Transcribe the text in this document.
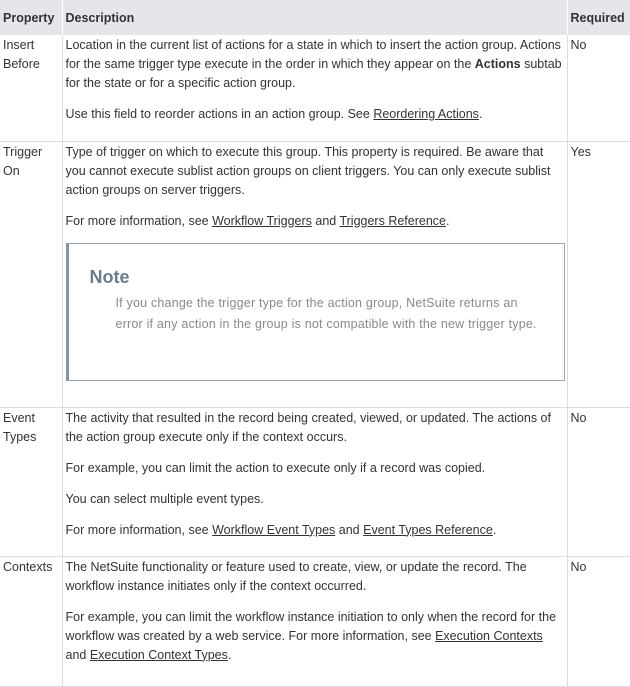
Property	Description	Required
Insert Before	Location in the current list of actions for a state in which to insert the action group. Actions for the same trigger type execute in the order in which they appear on the Actions subtab for the state or for a specific action group.

Use this field to reorder actions in an action group. See Reordering Actions.	No
Trigger On	Type of trigger on which to execute this group. This property is required. Be aware that you cannot execute sublist action groups on client triggers. You can only execute sublist action groups on server triggers.

For more information, see Workflow Triggers and Triggers Reference.

Note
If you change the trigger type for the action group, NetSuite returns an error if any action in the group is not compatible with the new trigger type.	Yes
Event Types	The activity that resulted in the record being created, viewed, or updated. The actions of the action group execute only if the context occurs.

For example, you can limit the action to execute only if a record was copied.

You can select multiple event types.

For more information, see Workflow Event Types and Event Types Reference.	No
Contexts	The NetSuite functionality or feature used to create, view, or update the record. The workflow instance initiates only if the context occurred.

For example, you can limit the workflow instance initiation to only when the record for the workflow was created by a web service. For more information, see Execution Contexts and Execution Context Types.	No
